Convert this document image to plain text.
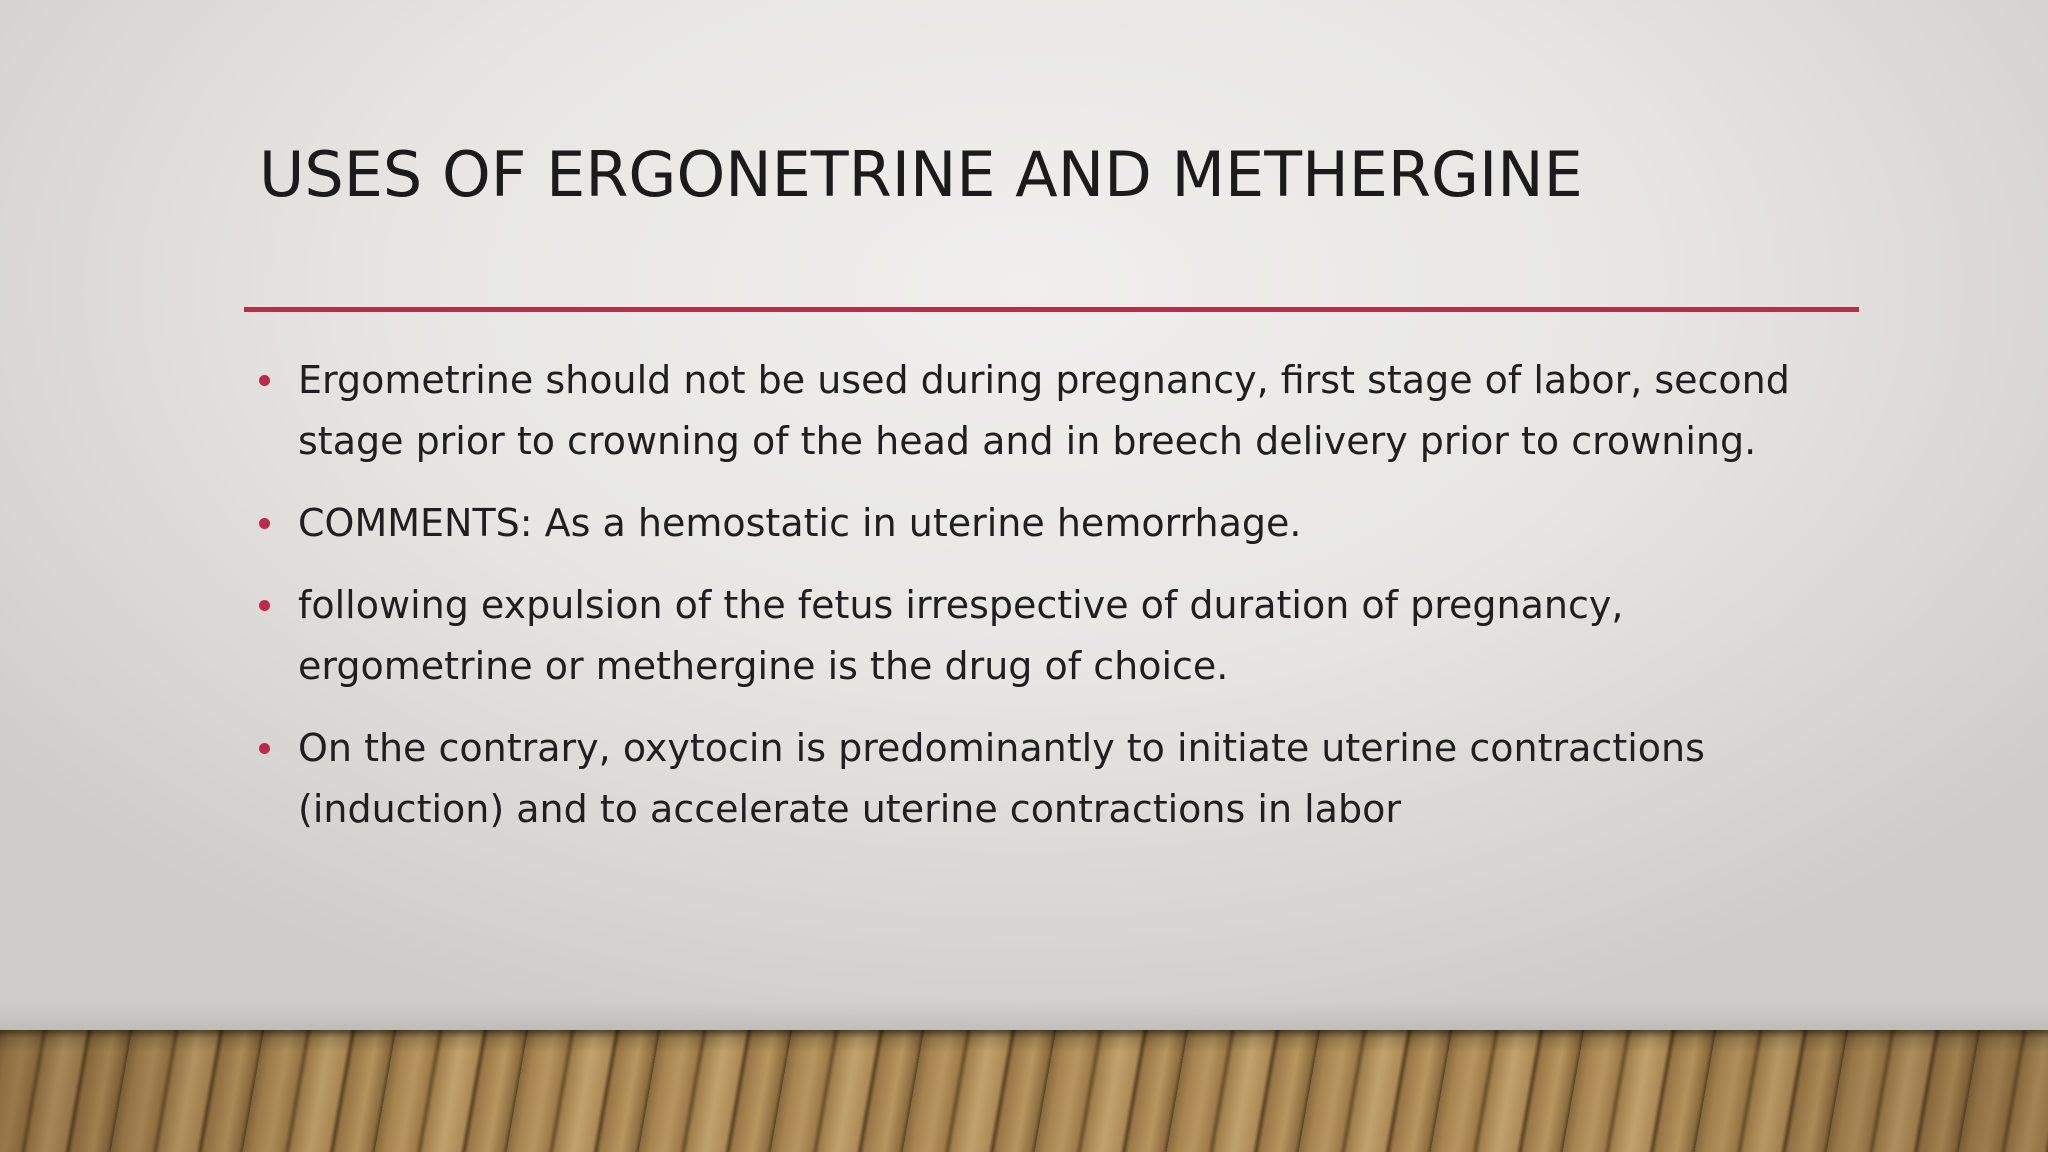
USES OF ERGONETRINE AND METHERGINE
Ergometrine should not be used during pregnancy, first stage of labor, second stage prior to crowning of the head and in breech delivery prior to crowning.
COMMENTS: As a hemostatic in uterine hemorrhage.
following expulsion of the fetus irrespective of duration of pregnancy, ergometrine or methergine is the drug of choice.
On the contrary, oxytocin is predominantly to initiate uterine contractions (induction) and to accelerate uterine contractions in labor
